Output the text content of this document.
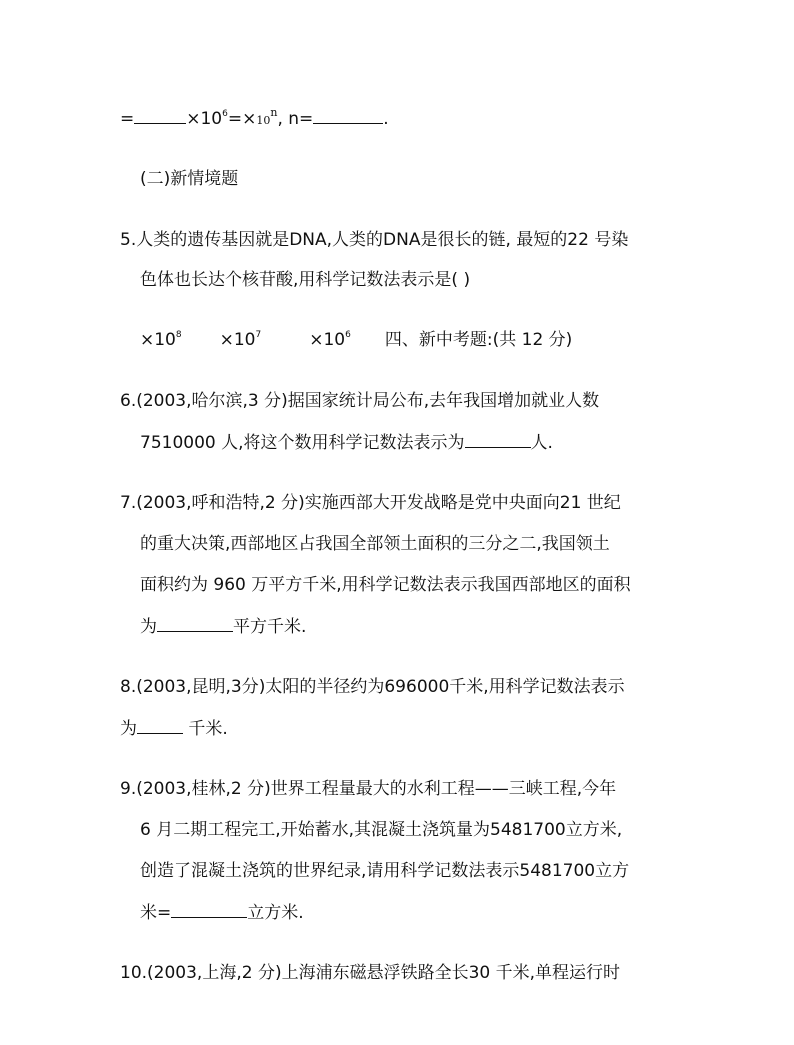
=	$\times 10^6=\times 10^n$, n=	.
(二)新情境题
5.人类的遗传基因就是DNA,人类的DNA是很长的链, 最短的22 号染
色体也长达个核苷酸,用科学记数法表示是( )
$\times 10^8 \times 10^7$	$\times 10^6$ 四、新中考题:(共 12 分)
6.(2003,哈尔滨,3 分)据国家统计局公布,去年我国增加就业人数
7510000 人,将这个数用科学记数法表示为	人.
7.(2003,呼和浩特,2 分)实施西部大开发战略是党中央面向21 世纪
的重大决策,西部地区占我国全部领土面积的三分之二,我国领土
面积约为 960 万平方千米,用科学记数法表示我国西部地区的面积
为	平方千米.
8.(2003,昆明,3分)太阳的半径约为696000千米,用科学记数法表示
为	千米.
9.(2003,桂林,2 分)世界工程量最大的水利工程——三峡工程,今年
6 月二期工程完工,开始蓄水,其混凝土浇筑量为5481700立方米,
创造了混凝土浇筑的世界纪录,请用科学记数法表示5481700立方
米=	立方米.
10.(2003,上海,2 分)上海浦东磁悬浮铁路全长30 千米,单程运行时
